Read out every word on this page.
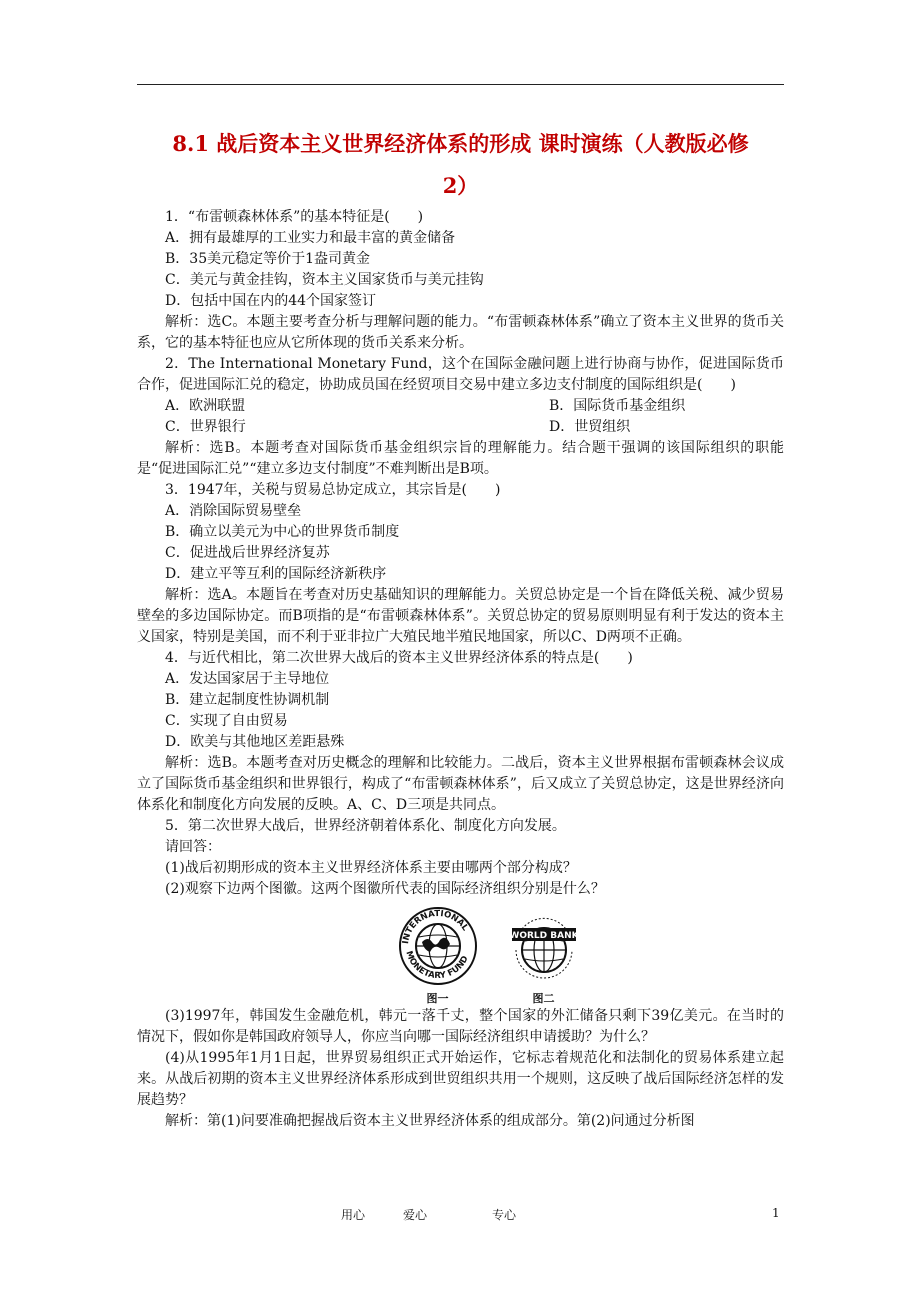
8.1 战后资本主义世界经济体系的形成 课时演练（人教版必修
2）

1．“布雷顿森林体系”的基本特征是(　　)

A．拥有最雄厚的工业实力和最丰富的黄金储备

B．35美元稳定等价于1盎司黄金

C．美元与黄金挂钩，资本主义国家货币与美元挂钩

D．包括中国在内的44个国家签订

解析：选C。本题主要考查分析与理解问题的能力。“布雷顿森林体系”确立了资本主义世界的货币关系，它的基本特征也应从它所体现的货币关系来分析。

2．The International Monetary Fund，这个在国际金融问题上进行协商与协作，促进国际货币合作，促进国际汇兑的稳定，协助成员国在经贸项目交易中建立多边支付制度的国际组织是(　　)

A．欧洲联盟	B．国际货币基金组织
C．世界银行	D．世贸组织

解析：选B。本题考查对国际货币基金组织宗旨的理解能力。结合题干强调的该国际组织的职能是“促进国际汇兑”“建立多边支付制度”不难判断出是B项。

3．1947年，关税与贸易总协定成立，其宗旨是(　　)

A．消除国际贸易壁垒

B．确立以美元为中心的世界货币制度

C．促进战后世界经济复苏

D．建立平等互利的国际经济新秩序

解析：选A。本题旨在考查对历史基础知识的理解能力。关贸总协定是一个旨在降低关税、减少贸易壁垒的多边国际协定。而B项指的是“布雷顿森林体系”。关贸总协定的贸易原则明显有利于发达的资本主义国家，特别是美国，而不利于亚非拉广大殖民地半殖民地国家，所以C、D两项不正确。

4．与近代相比，第二次世界大战后的资本主义世界经济体系的特点是(　　)

A．发达国家居于主导地位

B．建立起制度性协调机制

C．实现了自由贸易

D．欧美与其他地区差距悬殊

解析：选B。本题考查对历史概念的理解和比较能力。二战后，资本主义世界根据布雷顿森林会议成立了国际货币基金组织和世界银行，构成了“布雷顿森林体系”，后又成立了关贸总协定，这是世界经济向体系化和制度化方向发展的反映。A、C、D三项是共同点。

5．第二次世界大战后，世界经济朝着体系化、制度化方向发展。

请回答：

(1)战后初期形成的资本主义世界经济体系主要由哪两个部分构成？

(2)观察下边两个图徽。这两个图徽所代表的国际经济组织分别是什么？

INTERNATIONAL
MONETARY FUND
图一
WORLD BANK
图二

(3)1997年，韩国发生金融危机，韩元一落千丈，整个国家的外汇储备只剩下39亿美元。在当时的情况下，假如你是韩国政府领导人，你应当向哪一国际经济组织申请援助？为什么？

(4)从1995年1月1日起，世界贸易组织正式开始运作，它标志着规范化和法制化的贸易体系建立起来。从战后初期的资本主义世界经济体系形成到世贸组织共用一个规则，这反映了战后国际经济怎样的发展趋势？

解析：第(1)问要准确把握战后资本主义世界经济体系的组成部分。第(2)问通过分析图

用心	爱心	专心	1
